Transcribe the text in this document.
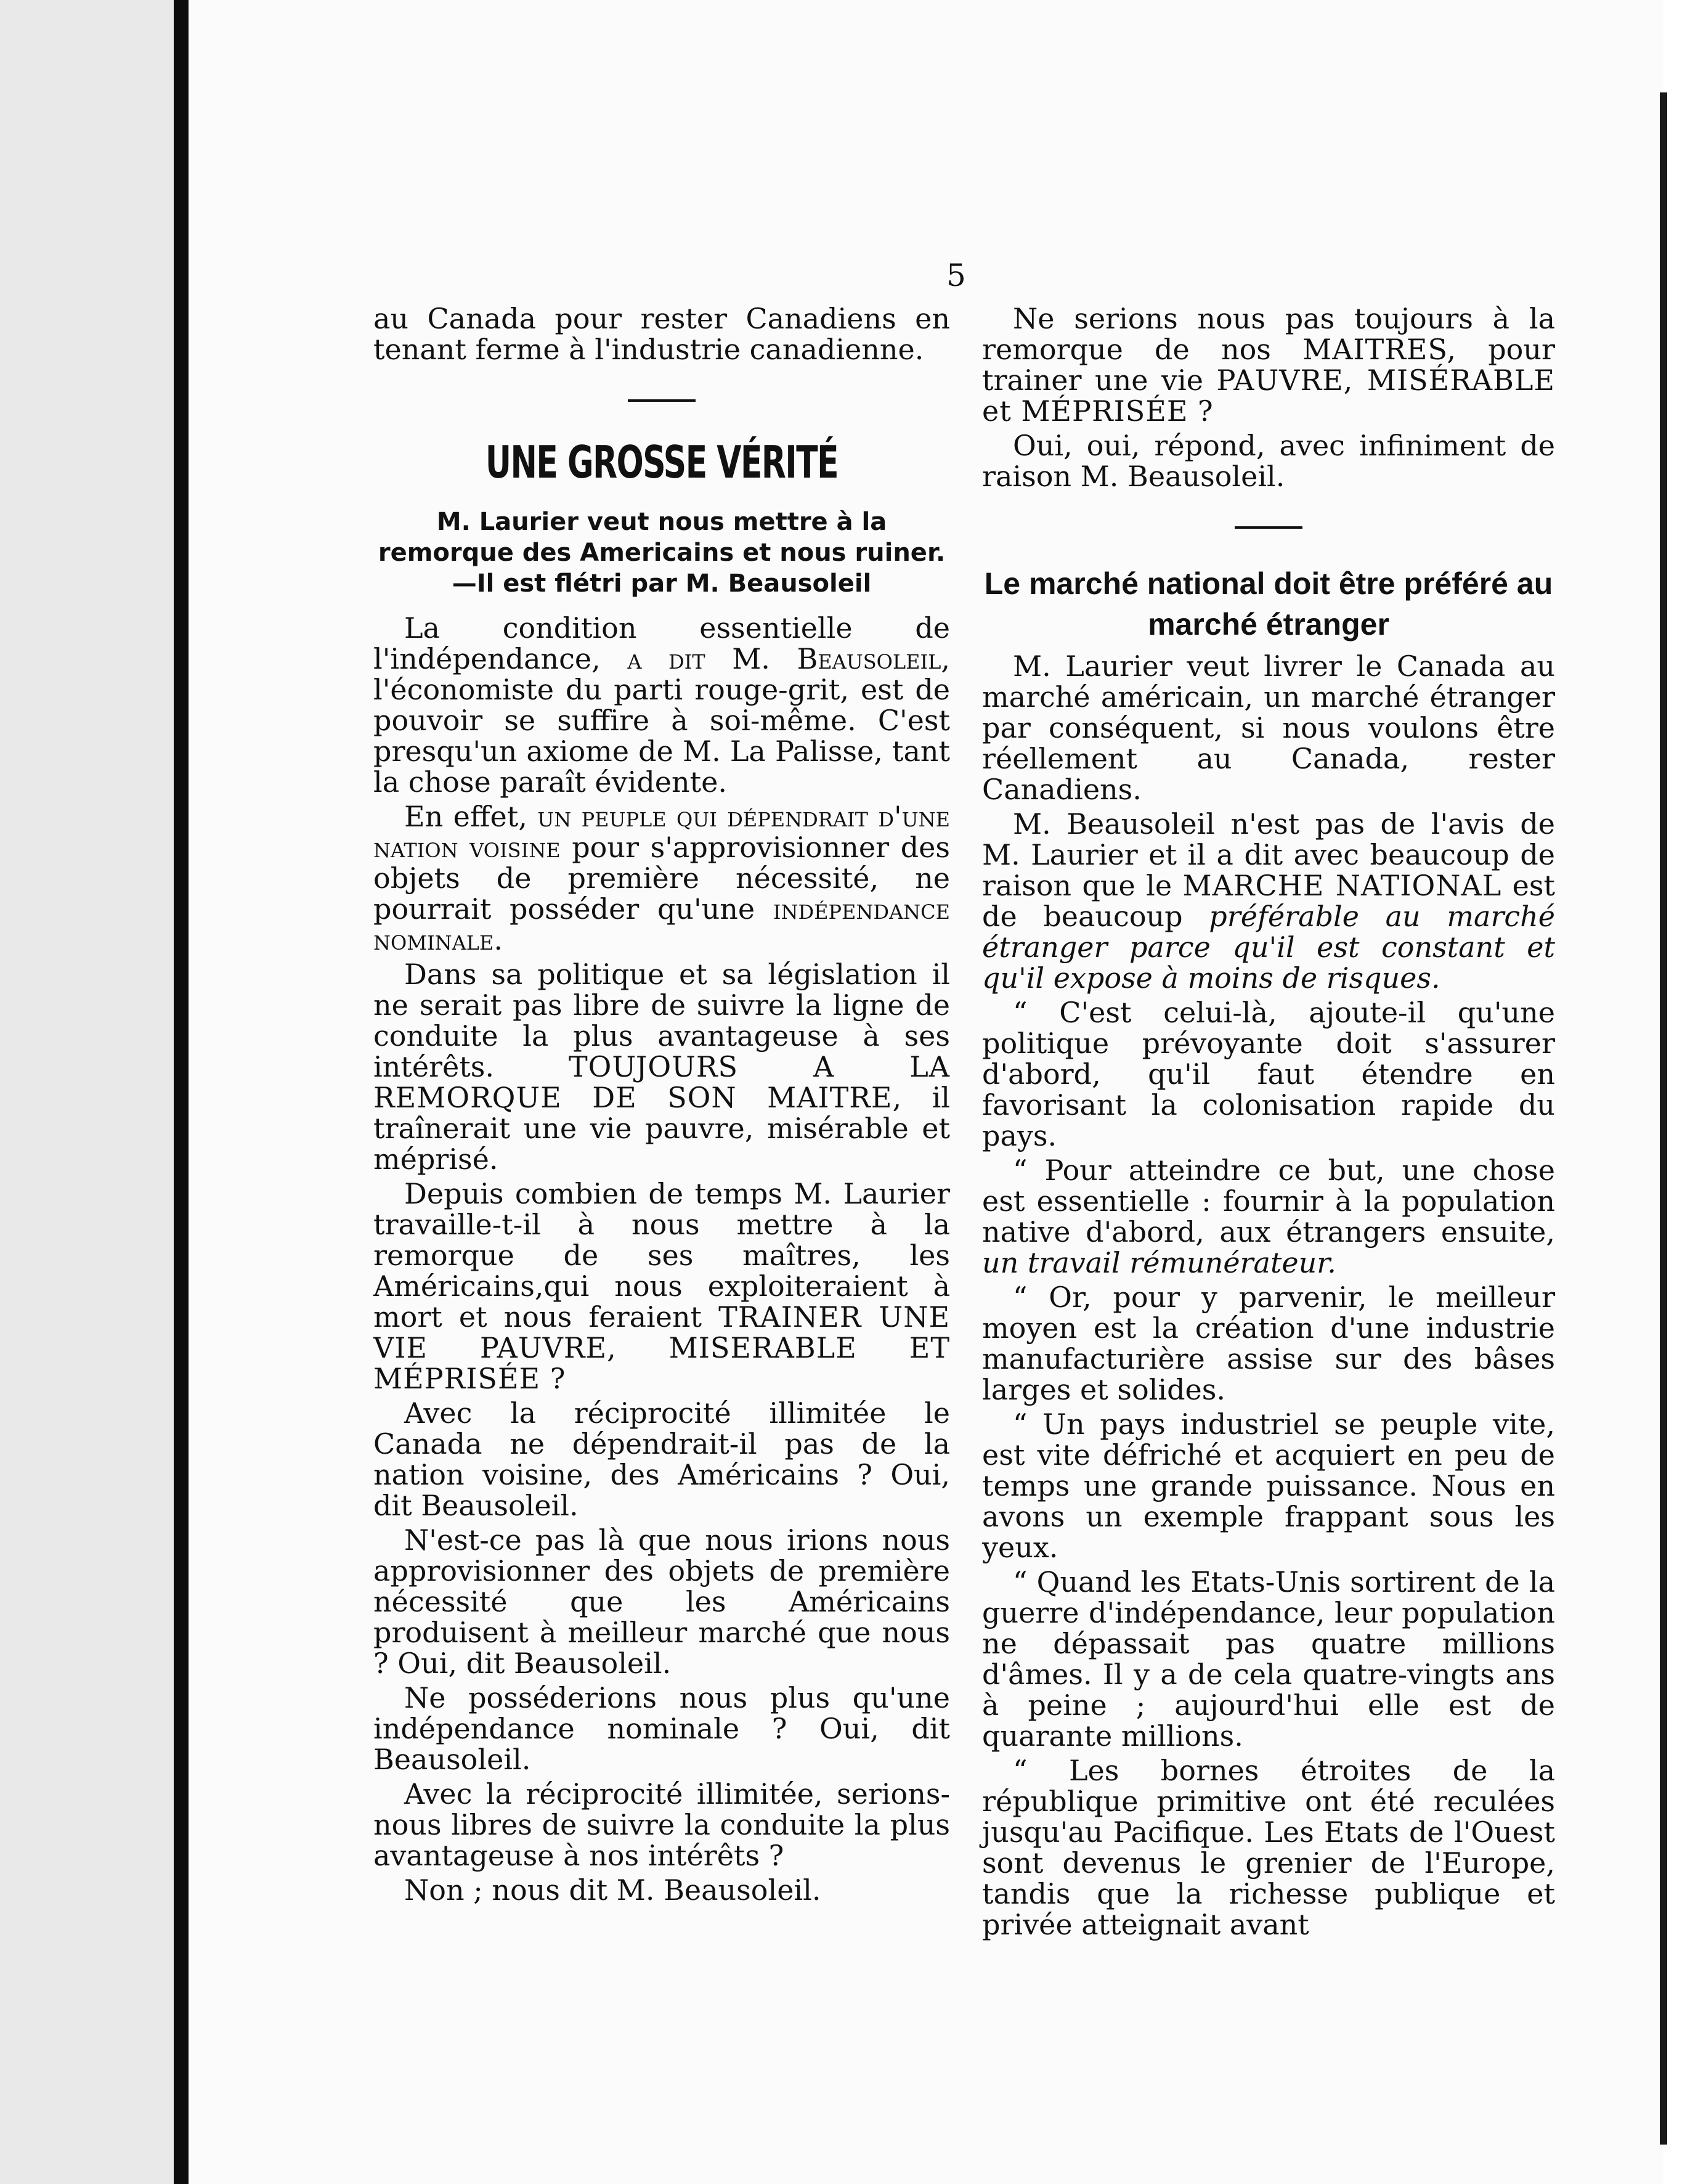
5

au Canada pour rester Canadiens en tenant ferme à l'industrie canadienne.

UNE GROSSE VÉRITÉ
M. Laurier veut nous mettre à la remorque des Americains et nous ruiner.—Il est flétri par M. Beausoleil

La condition essentielle de l'indépendance, a dit M. Beausoleil, l'économiste du parti rouge-grit, est de pouvoir se suffire à soi-même. C'est presqu'un axiome de M. La Palisse, tant la chose paraît évidente.

En effet, un peuple qui dépendrait d'une nation voisine pour s'approvisionner des objets de première nécessité, ne pourrait posséder qu'une indépendance nominale.

Dans sa politique et sa législation il ne serait pas libre de suivre la ligne de conduite la plus avantageuse à ses intérêts.	TOUJOURS A LA REMORQUE DE SON MAITRE, il traînerait une vie pauvre, misérable et méprisé.

Depuis combien de temps M. Laurier travaille-t-il à nous mettre à la remorque de ses maîtres, les Américains,qui nous exploiteraient à mort et nous feraient TRAINER UNE VIE PAUVRE, MISERABLE ET MÉPRISÉE ?

Avec la réciprocité illimitée le Canada ne dépendrait-il pas de la nation voisine, des Américains ? Oui, dit Beausoleil.

N'est-ce pas là que nous irions nous approvisionner des objets de première nécessité que les Américains produisent à meilleur marché que nous ? Oui, dit Beausoleil.

Ne posséderions nous plus qu'une indépendance nominale ? Oui, dit Beausoleil.

Avec la réciprocité illimitée, serions-nous libres de suivre la conduite la plus avantageuse à nos intérêts ?

Non ; nous dit M. Beausoleil.

Ne serions nous pas toujours à la remorque de nos MAITRES, pour trainer une vie PAUVRE, MISÉRABLE et MÉPRISÉE ?

Oui, oui, répond, avec infiniment de raison M. Beausoleil.

Le marché national doit être préféré au marché étranger

M. Laurier veut livrer le Canada au marché américain, un marché étranger par conséquent, si nous voulons être réellement au Canada, rester Canadiens.

M. Beausoleil n'est pas de l'avis de M. Laurier et il a dit avec beaucoup de raison que le MARCHE NATIONAL est de beaucoup préférable au marché étranger parce qu'il est constant et qu'il expose à moins de risques.

“ C'est celui-là, ajoute-il qu'une politique prévoyante doit s'assurer d'abord, qu'il faut étendre en favorisant la colonisation rapide du pays.

“ Pour atteindre ce but, une chose est essentielle : fournir à la population native d'abord, aux étrangers ensuite, un travail rémunérateur.

“ Or, pour y parvenir, le meilleur moyen est la création d'une industrie manufacturière assise sur des bâses larges et solides.

“ Un pays industriel se peuple vite, est vite défriché et acquiert en peu de temps une grande puissance. Nous en avons un exemple frappant sous les yeux.

“ Quand les Etats-Unis sortirent de la guerre d'indépendance, leur population ne dépassait pas quatre millions d'âmes. Il y a de cela quatre-vingts ans à peine ; aujourd'hui elle est de quarante millions.

“ Les bornes étroites de la république primitive ont été reculées jusqu'au Pacifique. Les Etats de l'Ouest sont devenus le grenier de l'Europe, tandis que la richesse publique et privée atteignait avant
